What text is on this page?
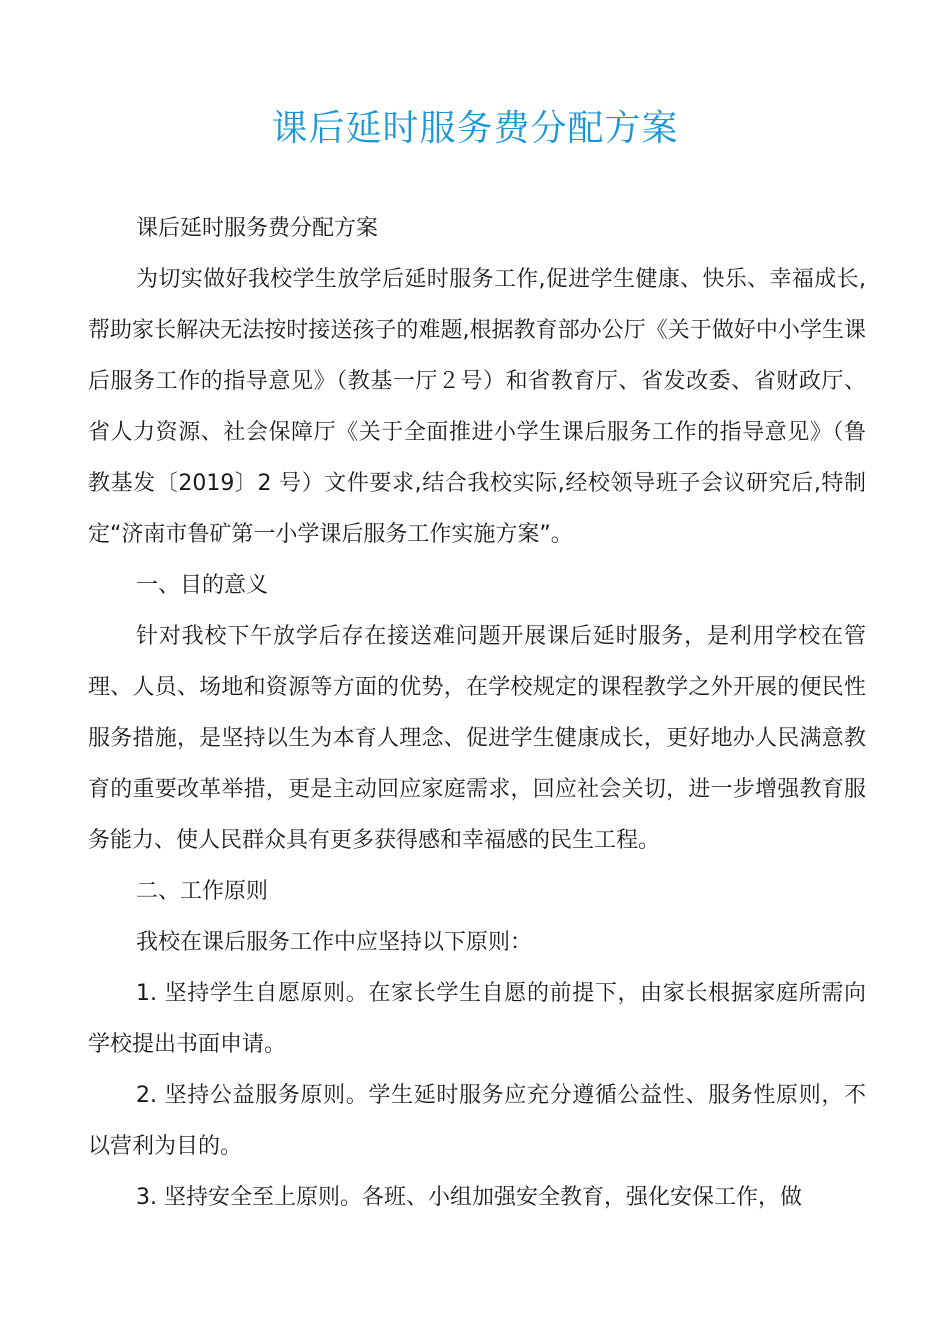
课后延时服务费分配方案

课后延时服务费分配方案

为切实做好我校学生放学后延时服务工作,促进学生健康、快乐、幸福成长,帮助家长解决无法按时接送孩子的难题,根据教育部办公厅《关于做好中小学生课后服务工作的指导意见》（教基一厅２号）和省教育厅、省发改委、省财政厅、省人力资源、社会保障厅《关于全面推进小学生课后服务工作的指导意见》（鲁教基发〔2019〕2 号）文件要求,结合我校实际,经校领导班子会议研究后,特制定“济南市鲁矿第一小学课后服务工作实施方案”。

一、目的意义

针对我校下午放学后存在接送难问题开展课后延时服务，是利用学校在管理、人员、场地和资源等方面的优势，在学校规定的课程教学之外开展的便民性服务措施，是坚持以生为本育人理念、促进学生健康成长，更好地办人民满意教育的重要改革举措，更是主动回应家庭需求，回应社会关切，进一步增强教育服务能力、使人民群众具有更多获得感和幸福感的民生工程。

二、工作原则

我校在课后服务工作中应坚持以下原则：

1. 坚持学生自愿原则。在家长学生自愿的前提下，由家长根据家庭所需向学校提出书面申请。

2. 坚持公益服务原则。学生延时服务应充分遵循公益性、服务性原则，不以营利为目的。

3. 坚持安全至上原则。各班、小组加强安全教育，强化安保工作，做
